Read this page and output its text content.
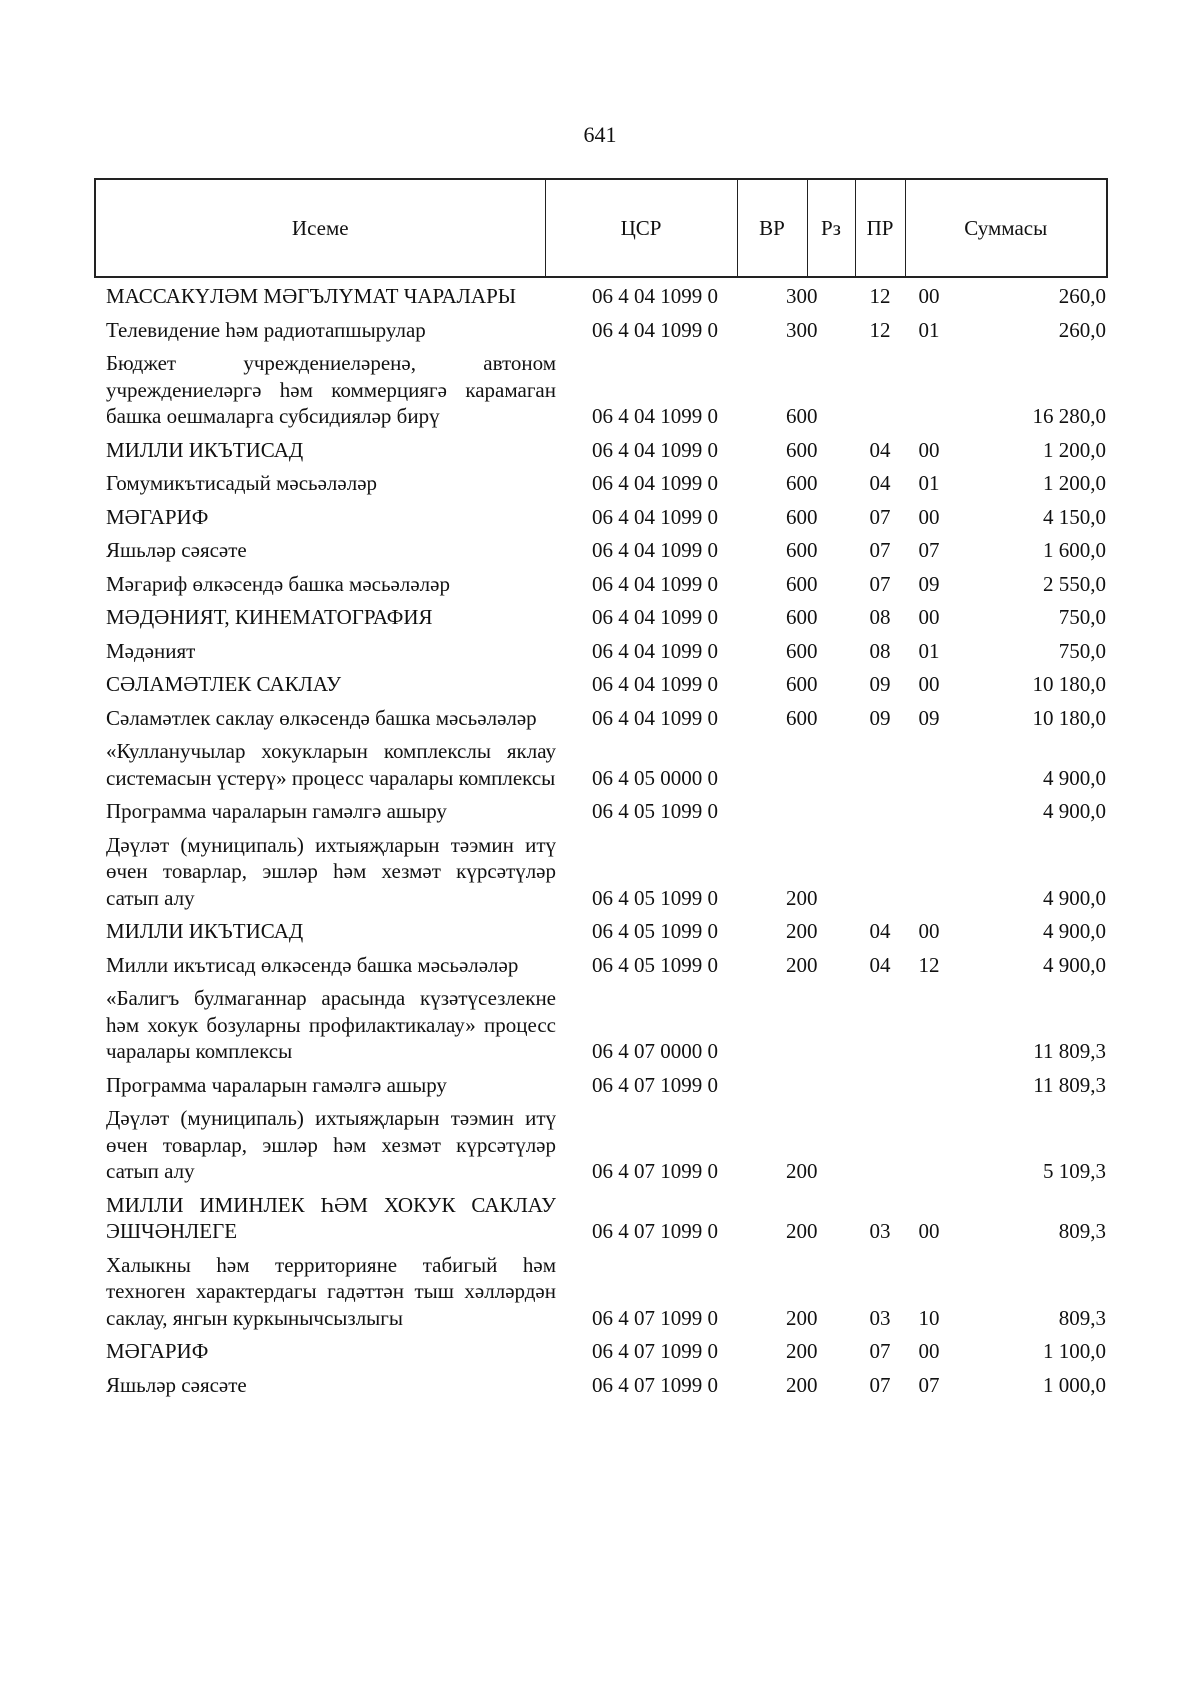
641
Исеме	ЦСР	ВР	Рз	ПР	Суммасы
МАССАКҮЛӘМ МӘГЪЛҮМАТ ЧАРАЛАРЫ	06 4 04 1099 0	300	12	00	260,0
Телевидение һәм радиотапшырулар	06 4 04 1099 0	300	12	01	260,0
Бюджет учреждениеләренә, автоном учреждениеләргә һәм коммерциягә карамаган башка оешмаларга субсидияләр бирү	06 4 04 1099 0	600			16 280,0
МИЛЛИ ИКЪТИСАД	06 4 04 1099 0	600	04	00	1 200,0
Гомумикътисадый мәсьәләләр	06 4 04 1099 0	600	04	01	1 200,0
МӘГАРИФ	06 4 04 1099 0	600	07	00	4 150,0
Яшьләр сәясәте	06 4 04 1099 0	600	07	07	1 600,0
Мәгариф өлкәсендә башка мәсьәләләр	06 4 04 1099 0	600	07	09	2 550,0
МӘДӘНИЯТ, КИНЕМАТОГРАФИЯ	06 4 04 1099 0	600	08	00	750,0
Мәдәният	06 4 04 1099 0	600	08	01	750,0
СӘЛАМӘТЛЕК САКЛАУ	06 4 04 1099 0	600	09	00	10 180,0
Сәламәтлек саклау өлкәсендә башка мәсьәләләр	06 4 04 1099 0	600	09	09	10 180,0
«Кулланучылар хокукларын комплекслы яклау системасын үстерү» процесс чаралары комплексы	06 4 05 0000 0				4 900,0
Программа чараларын гамәлгә ашыру	06 4 05 1099 0				4 900,0
Дәүләт (муниципаль) ихтыяҗларын тәэмин итү өчен товарлар, эшләр һәм хезмәт күрсәтүләр сатып алу	06 4 05 1099 0	200			4 900,0
МИЛЛИ ИКЪТИСАД	06 4 05 1099 0	200	04	00	4 900,0
Милли икътисад өлкәсендә башка мәсьәләләр	06 4 05 1099 0	200	04	12	4 900,0
«Балигъ булмаганнар арасында күзәтүсезлекне һәм хокук бозуларны профилактикалау» процесс чаралары комплексы	06 4 07 0000 0				11 809,3
Программа чараларын гамәлгә ашыру	06 4 07 1099 0				11 809,3
Дәүләт (муниципаль) ихтыяҗларын тәэмин итү өчен товарлар, эшләр һәм хезмәт күрсәтүләр сатып алу	06 4 07 1099 0	200			5 109,3
МИЛЛИ ИМИНЛЕК ҺӘМ ХОКУК САКЛАУ ЭШЧӘНЛЕГЕ	06 4 07 1099 0	200	03	00	809,3
Халыкны һәм территорияне табигый һәм техноген характердагы гадәттән тыш хәлләрдән саклау, янгын куркынычсызлыгы	06 4 07 1099 0	200	03	10	809,3
МӘГАРИФ	06 4 07 1099 0	200	07	00	1 100,0
Яшьләр сәясәте	06 4 07 1099 0	200	07	07	1 000,0
